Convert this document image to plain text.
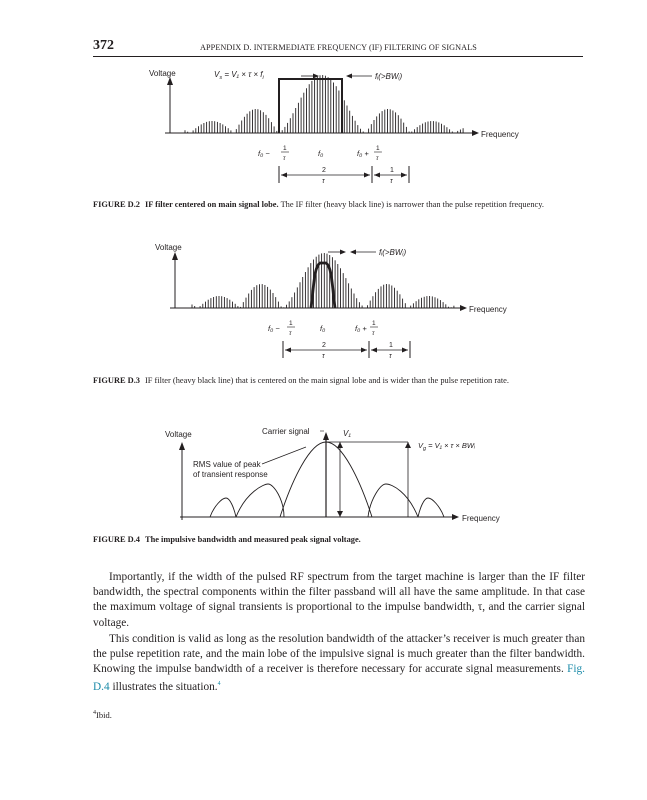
372	APPENDIX D. INTERMEDIATE FREQUENCY (IF) FILTERING OF SIGNALS
Voltage
Frequency
$V_s = V_1 \times \tau \times f_i$	fᵢ(>BWᵢ)
f₀ −
1
τ
f₀	f₀ +
1
τ
2
τ
1
τ
FIGURE D.2 IF filter centered on main signal lobe. The IF filter (heavy black line) is narrower than the pulse repetition frequency.
Voltage
Frequency
fᵢ(>BWᵢ)
f₀ −
1
τ
f₀	f₀ +
1
τ
2
τ
1
τ
FIGURE D.3 IF filter (heavy black line) that is centered on the main signal lobe and is wider than the pulse repetition rate.
Voltage
Frequency
Carrier signal	V₁
$V_g = V_1 \times \tau$ × BWᵢ
RMS value of peak
of transient response
FIGURE D.4 The impulsive bandwidth and measured peak signal voltage.

Importantly, if the width of the pulsed RF spectrum from the target machine is larger than the IF filter bandwidth, the spectral components within the filter passband will all have the same amplitude. In that case the maximum voltage of signal transients is proportional to the impulse bandwidth, τ, and the carrier signal voltage.

This condition is valid as long as the resolution bandwidth of the attacker’s receiver is much greater than the pulse repetition rate, and the main lobe of the impulsive signal is much greater than the filter bandwidth. Knowing the impulse bandwidth of a receiver is therefore necessary for accurate signal measurements. Fig. D.4 illustrates the situation.$^4$

$^4$Ibid.
